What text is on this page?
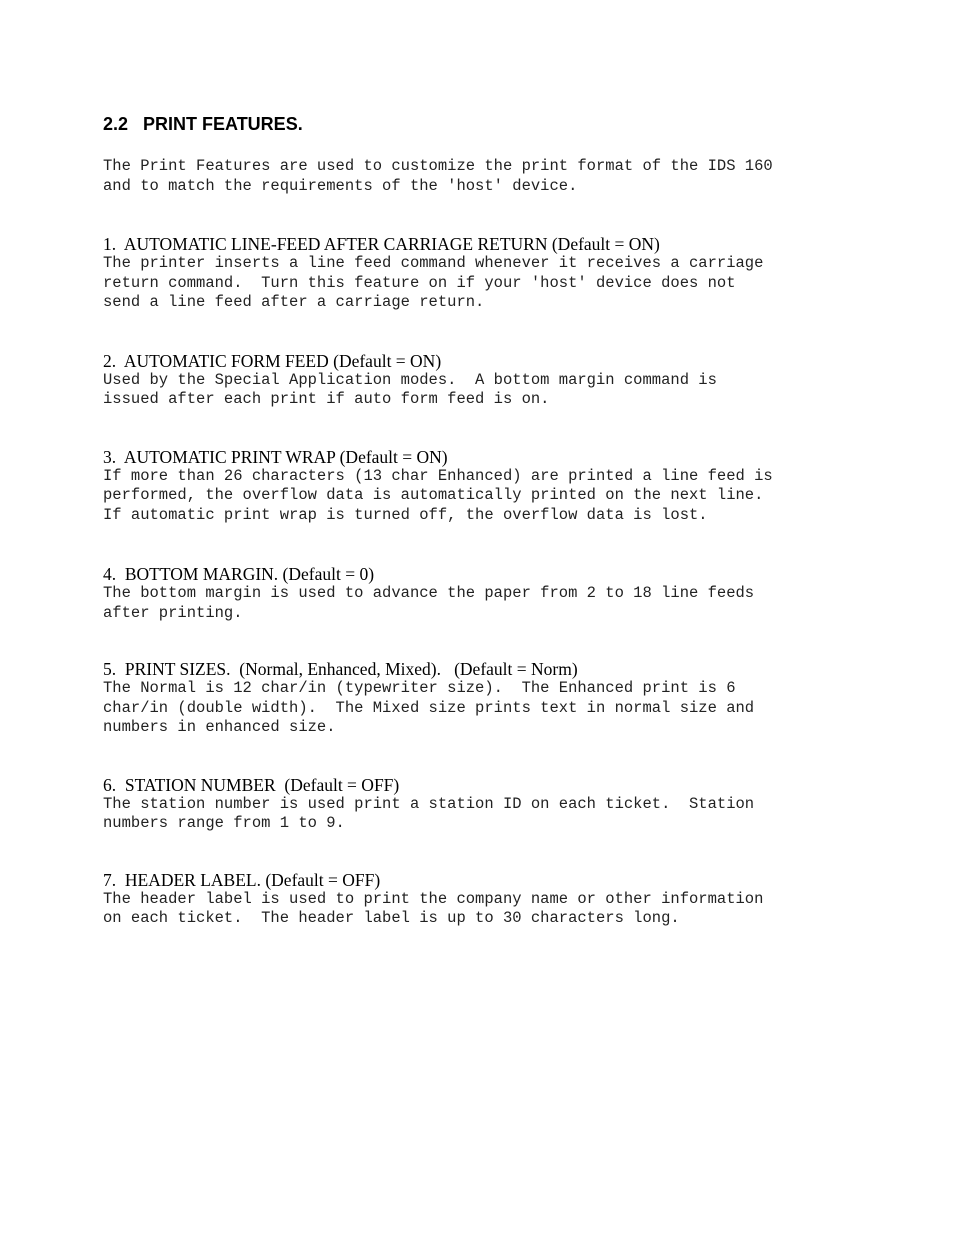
2.2   PRINT FEATURES.
The Print Features are used to customize the print format of the IDS 160
and to match the requirements of the 'host' device.
1.  AUTOMATIC LINE-FEED AFTER CARRIAGE RETURN (Default = ON)
The printer inserts a line feed command whenever it receives a carriage
return command.  Turn this feature on if your 'host' device does not
send a line feed after a carriage return.
2.  AUTOMATIC FORM FEED (Default = ON)
Used by the Special Application modes.  A bottom margin command is
issued after each print if auto form feed is on.
3.  AUTOMATIC PRINT WRAP (Default = ON)
If more than 26 characters (13 char Enhanced) are printed a line feed is
performed, the overflow data is automatically printed on the next line.
If automatic print wrap is turned off, the overflow data is lost.
4.  BOTTOM MARGIN. (Default = 0)
The bottom margin is used to advance the paper from 2 to 18 line feeds
after printing.
5.  PRINT SIZES.  (Normal, Enhanced, Mixed).   (Default = Norm)
The Normal is 12 char/in (typewriter size).  The Enhanced print is 6
char/in (double width).  The Mixed size prints text in normal size and
numbers in enhanced size.
6.  STATION NUMBER  (Default = OFF)
The station number is used print a station ID on each ticket.  Station
numbers range from 1 to 9.
7.  HEADER LABEL. (Default = OFF)
The header label is used to print the company name or other information
on each ticket.  The header label is up to 30 characters long.
